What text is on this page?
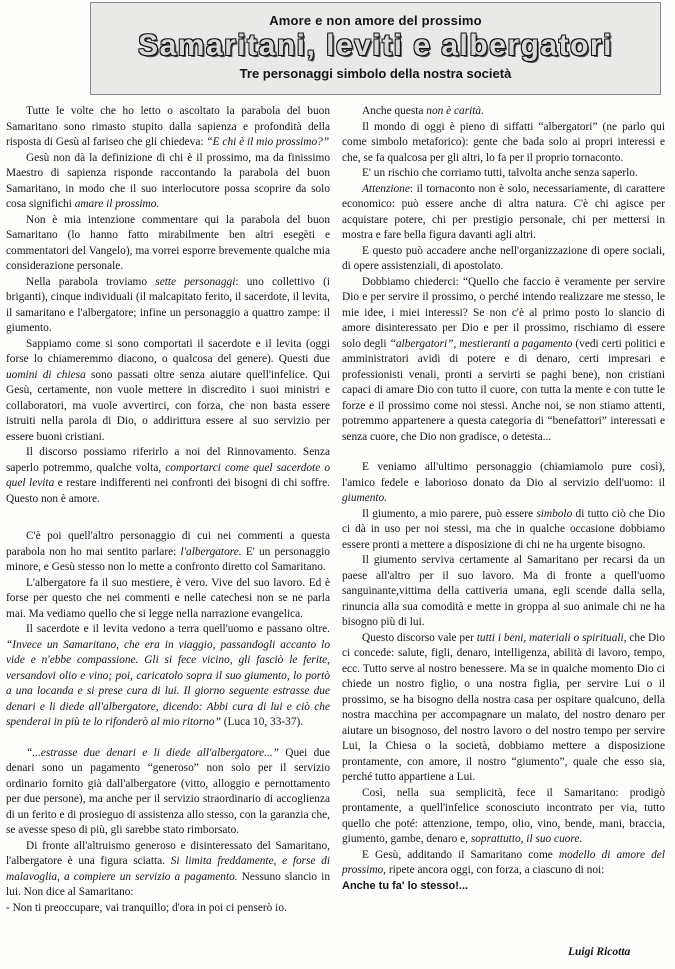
Amore e non amore del prossimo
Samaritani, leviti e albergatori
Tre personaggi simbolo della nostra società

Tutte le volte che ho letto o ascoltato la parabola del buon Samaritano sono rimasto stupito dalla sapienza e profondità della risposta di Gesù al fariseo che gli chiedeva: “E chi è il mio prossimo?”

Gesù non dà la definizione di chi è il prossimo, ma da finissimo Maestro di sapienza risponde raccontando la parabola del buon Samaritano, in modo che il suo interlocutore possa scoprire da solo cosa significhi amare il prossimo.

Non è mia intenzione commentare qui la parabola del buon Samaritano (lo hanno fatto mirabilmente ben altri esegèti e commentatori del Vangelo), ma vorrei esporre brevemente qualche mia considerazione personale.

Nella parabola troviamo sette personaggi: uno collettivo (i briganti), cinque individuali (il malcapitato ferito, il sacerdote, il levita, il samaritano e l'albergatore; infine un personaggio a quattro zampe: il giumento.

Sappiamo come si sono comportati il sacerdote e il levita (oggi forse lo chiameremmo diacono, o qualcosa del genere). Questi due uomini di chiesa sono passati oltre senza aiutare quell'infelice. Qui Gesù, certamente, non vuole mettere in discredito i suoi ministri e collaboratori, ma vuole avvertirci, con forza, che non basta essere istruiti nella parola di Dio, o addirittura essere al suo servizio per essere buoni cristiani.

Il discorso possiamo riferirlo a noi del Rinnovamento. Senza saperlo potremmo, qualche volta, comportarci come quel sacerdote o quel levita e restare indifferenti nei confronti dei bisogni di chi soffre. Questo non è amore.

C'è poi quell'altro personaggio di cui nei commenti a questa parabola non ho mai sentito parlare: l'albergatore. E' un personaggio minore, e Gesù stesso non lo mette a confronto diretto col Samaritano.

L'albergatore fa il suo mestiere, è vero. Vive del suo lavoro. Ed è forse per questo che nei commenti e nelle catechesi non se ne parla mai. Ma vediamo quello che si legge nella narrazione evangelica.

Il sacerdote e il levita vedono a terra quell'uomo e passano oltre. “Invece un Samaritano, che era in viaggio, passandogli accanto lo vide e n'ebbe compassione. Gli si fece vicino, gli fasciò le ferite, versandovi olio e vino; poi, caricatolo sopra il suo giumento, lo portò a una locanda e si prese cura di lui. Il giorno seguente estrasse due denari e li diede all'albergatore, dicendo: Abbi cura di lui e ciò che spenderai in più te lo rifonderò al mio ritorno” (Luca 10, 33-37).

“...estrasse due denari e li diede all'albergatore...” Quei due denari sono un pagamento “generoso” non solo per il servizio ordinario fornito già dall'albergatore (vitto, alloggio e pernottamento per due persone), ma anche per il servizio straordinario di accoglienza di un ferito e di prosieguo di assistenza allo stesso, con la garanzia che, se avesse speso di più, gli sarebbe stato rimborsato.

Di fronte all'altruismo generoso e disinteressato del Samaritano, l'albergatore è una figura sciatta. Si limita freddamente, e forse di malavoglia, a compiere un servizio a pagamento. Nessuno slancio in lui. Non dice al Samaritano:

- Non ti preoccupare, vai tranquillo; d'ora in poi ci penserò io.

Anche questa non è carità.

Il mondo di oggi è pieno di siffatti “albergatori” (ne parlo qui come simbolo metaforico): gente che bada solo ai propri interessi e che, se fa qualcosa per gli altri, lo fa per il proprio tornaconto.

E' un rischio che corriamo tutti, talvolta anche senza saperlo.

Attenzione: il tornaconto non è solo, necessariamente, di carattere economico: può essere anche di altra natura. C'è chi agisce per acquistare potere, chi per prestigio personale, chi per mettersi in mostra e fare bella figura davanti agli altri.

E questo può accadere anche nell'organizzazione di opere sociali, di opere assistenziali, di apostolato.

Dobbiamo chiederci: “Quello che faccio è veramente per servire Dio e per servire il prossimo, o perché intendo realizzare me stesso, le mie idee, i miei interessi? Se non c'è al primo posto lo slancio di amore disinteressato per Dio e per il prossimo, rischiamo di essere solo degli “albergatori”, mestieranti a pagamento (vedi certi politici e amministratori avidi di potere e di denaro, certi impresari e professionisti venali, pronti a servirti se paghi bene), non cristiani capaci di amare Dio con tutto il cuore, con tutta la mente e con tutte le forze e il prossimo come noi stessi. Anche noi, se non stiamo attenti, potremmo appartenere a questa categoria di “benefattori” interessati e senza cuore, che Dio non gradisce, o detesta...

E veniamo all'ultimo personaggio (chiamiamolo pure così), l'amico fedele e laborioso donato da Dio al servizio dell'uomo: il giumento.

Il giumento, a mio parere, può essere simbolo di tutto ciò che Dio ci dà in uso per noi stessi, ma che in qualche occasione dobbiamo essere pronti a mettere a disposizione di chi ne ha urgente bisogno.

Il giumento serviva certamente al Samaritano per recarsi da un paese all'altro per il suo lavoro. Ma di fronte a quell'uomo sanguinante,vittima della cattiveria umana, egli scende dalla sella, rinuncia alla sua comodità e mette in groppa al suo animale chi ne ha bisogno più di lui.

Questo discorso vale per tutti i beni, materiali o spirituali, che Dio ci concede: salute, figli, denaro, intelligenza, abilità di lavoro, tempo, ecc. Tutto serve al nostro benessere. Ma se in qualche momento Dio ci chiede un nostro figlio, o una nostra figlia, per servire Lui o il prossimo, se ha bisogno della nostra casa per ospitare qualcuno, della nostra macchina per accompagnare un malato, del nostro denaro per aiutare un bisognoso, del nostro lavoro o del nostro tempo per servire Lui, la Chiesa o la società, dobbiamo mettere a disposizione prontamente, con amore, il nostro “giumento”, quale che esso sia, perché tutto appartiene a Lui.

Così, nella sua semplicità, fece il Samaritano: prodigò prontamente, a quell'infelice sconosciuto incontrato per via, tutto quello che poté: attenzione, tempo, olio, vino, bende, mani, braccia, giumento, gambe, denaro e, soprattutto, il suo cuore.

E Gesù, additando il Samaritano come modello di amore del prossimo, ripete ancora oggi, con forza, a ciascuno di noi:

Anche tu fa' lo stesso!...

Luigi Ricotta
